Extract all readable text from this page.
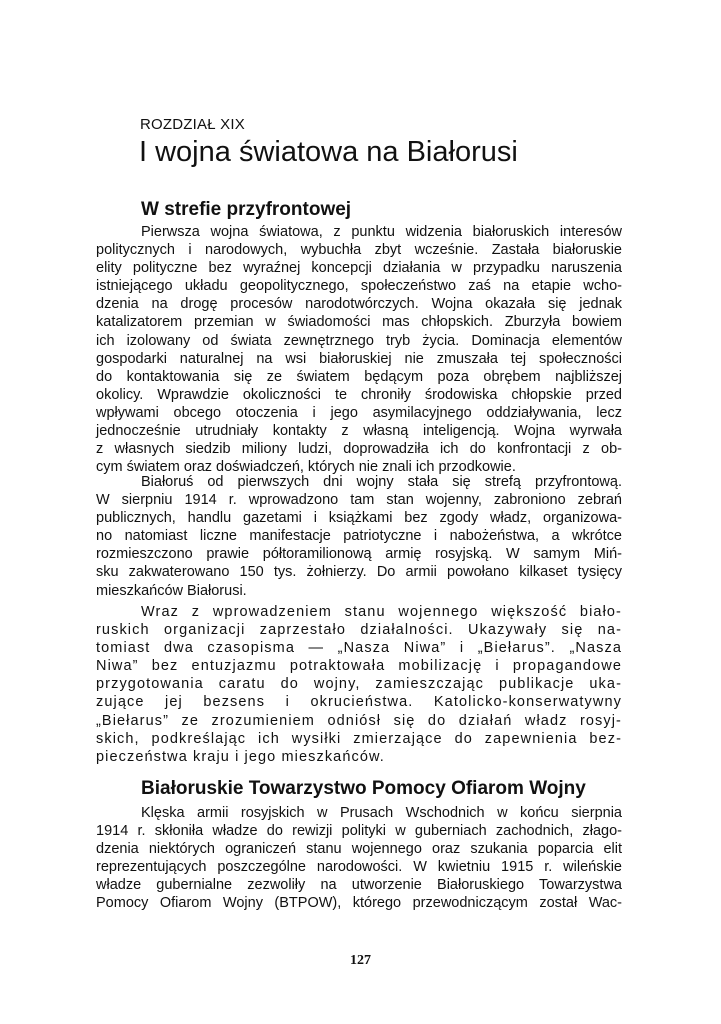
ROZDZIAŁ XIX
I wojna światowa na Białorusi
W strefie przyfrontowej
Pierwsza wojna światowa, z punktu widzenia białoruskich interesów
politycznych i narodowych, wybuchła zbyt wcześnie. Zastała białoruskie
elity polityczne bez wyraźnej koncepcji działania w przypadku naruszenia
istniejącego układu geopolitycznego, społeczeństwo zaś na etapie wcho-
dzenia na drogę procesów narodotwórczych. Wojna okazała się jednak
katalizatorem przemian w świadomości mas chłopskich. Zburzyła bowiem
ich izolowany od świata zewnętrznego tryb życia. Dominacja elementów
gospodarki naturalnej na wsi białoruskiej nie zmuszała tej społeczności
do kontaktowania się ze światem będącym poza obrębem najbliższej
okolicy. Wprawdzie okoliczności te chroniły środowiska chłopskie przed
wpływami obcego otoczenia i jego asymilacyjnego oddziaływania, lecz
jednocześnie utrudniały kontakty z własną inteligencją. Wojna wyrwała
z własnych siedzib miliony ludzi, doprowadziła ich do konfrontacji z ob-
cym światem oraz doświadczeń, których nie znali ich przodkowie.
Białoruś od pierwszych dni wojny stała się strefą przyfrontową.
W sierpniu 1914 r. wprowadzono tam stan wojenny, zabroniono zebrań
publicznych, handlu gazetami i książkami bez zgody władz, organizowa-
no natomiast liczne manifestacje patriotyczne i nabożeństwa, a wkrótce
rozmieszczono prawie półtoramilionową armię rosyjską. W samym Miń-
sku zakwaterowano 150 tys. żołnierzy. Do armii powołano kilkaset tysięcy
mieszkańców Białorusi.
Wraz z wprowadzeniem stanu wojennego większość biało-
ruskich organizacji zaprzestało działalności. Ukazywały się na-
tomiast dwa czasopisma — „Nasza Niwa” i „Biełarus”. „Nasza
Niwa” bez entuzjazmu potraktowała mobilizację i propagandowe
przygotowania caratu do wojny, zamieszczając publikacje uka-
zujące jej bezsens i okrucieństwa. Katolicko-konserwatywny
„Biełarus” ze zrozumieniem odniósł się do działań władz rosyj-
skich, podkreślając ich wysiłki zmierzające do zapewnienia bez-
pieczeństwa kraju i jego mieszkańców.
Białoruskie Towarzystwo Pomocy Ofiarom Wojny
Klęska armii rosyjskich w Prusach Wschodnich w końcu sierpnia
1914 r. skłoniła władze do rewizji polityki w guberniach zachodnich, złago-
dzenia niektórych ograniczeń stanu wojennego oraz szukania poparcia elit
reprezentujących poszczególne narodowości. W kwietniu 1915 r. wileńskie
władze gubernialne zezwoliły na utworzenie Białoruskiego Towarzystwa
Pomocy Ofiarom Wojny (BTPOW), którego przewodniczącym został Wac-
127
